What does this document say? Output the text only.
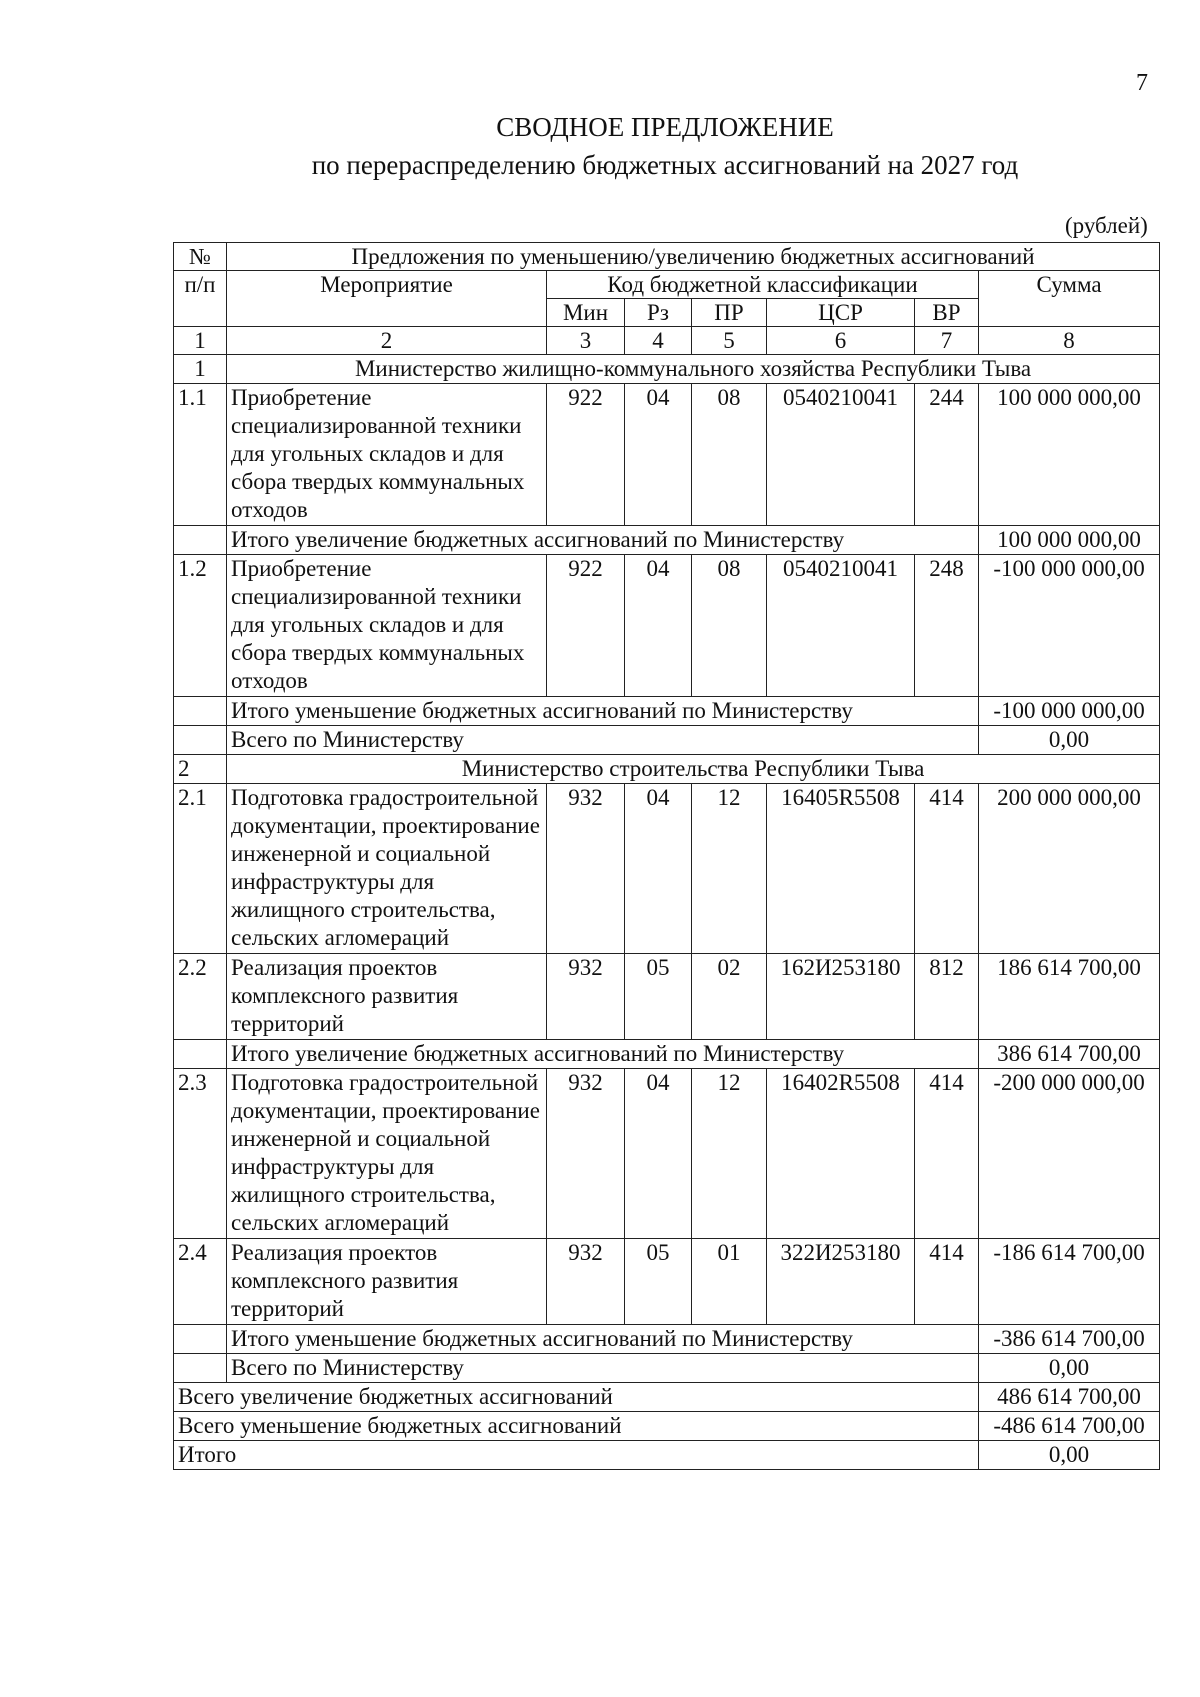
7
СВОДНОЕ ПРЕДЛОЖЕНИЕ
по перераспределению бюджетных ассигнований на 2027 год
(рублей)
№	Предложения по уменьшению/увеличению бюджетных ассигнований						
п/п	Мероприятие	Код бюджетной классификации					Сумма
		Мин	Рз	ПР	ЦСР	ВР	
1	2	3	4	5	6	7	8
1	Министерство жилищно-коммунального хозяйства Республики Тыва						
1.1	Приобретение специализированной техники для угольных складов и для сбора твердых коммунальных отходов	922	04	08	0540210041	244	100 000 000,00
	Итого увеличение бюджетных ассигнований по Министерству						100 000 000,00
1.2	Приобретение специализированной техники для угольных складов и для сбора твердых коммунальных отходов	922	04	08	0540210041	248	-100 000 000,00
	Итого уменьшение бюджетных ассигнований по Министерству						-100 000 000,00
	Всего по Министерству						0,00
2	Министерство строительства Республики Тыва						
2.1	Подготовка градостроительной документации, проектирование инженерной и социальной инфраструктуры для жилищного строительства, сельских агломераций	932	04	12	16405R5508	414	200 000 000,00
2.2	Реализация проектов комплексного развития территорий	932	05	02	162И253180	812	186 614 700,00
	Итого увеличение бюджетных ассигнований по Министерству						386 614 700,00
2.3	Подготовка градостроительной документации, проектирование инженерной и социальной инфраструктуры для жилищного строительства, сельских агломераций	932	04	12	16402R5508	414	-200 000 000,00
2.4	Реализация проектов комплексного развития территорий	932	05	01	322И253180	414	-186 614 700,00
	Итого уменьшение бюджетных ассигнований по Министерству						-386 614 700,00
	Всего по Министерству						0,00
Всего увеличение бюджетных ассигнований							486 614 700,00
Всего уменьшение бюджетных ассигнований							-486 614 700,00
Итого							0,00
